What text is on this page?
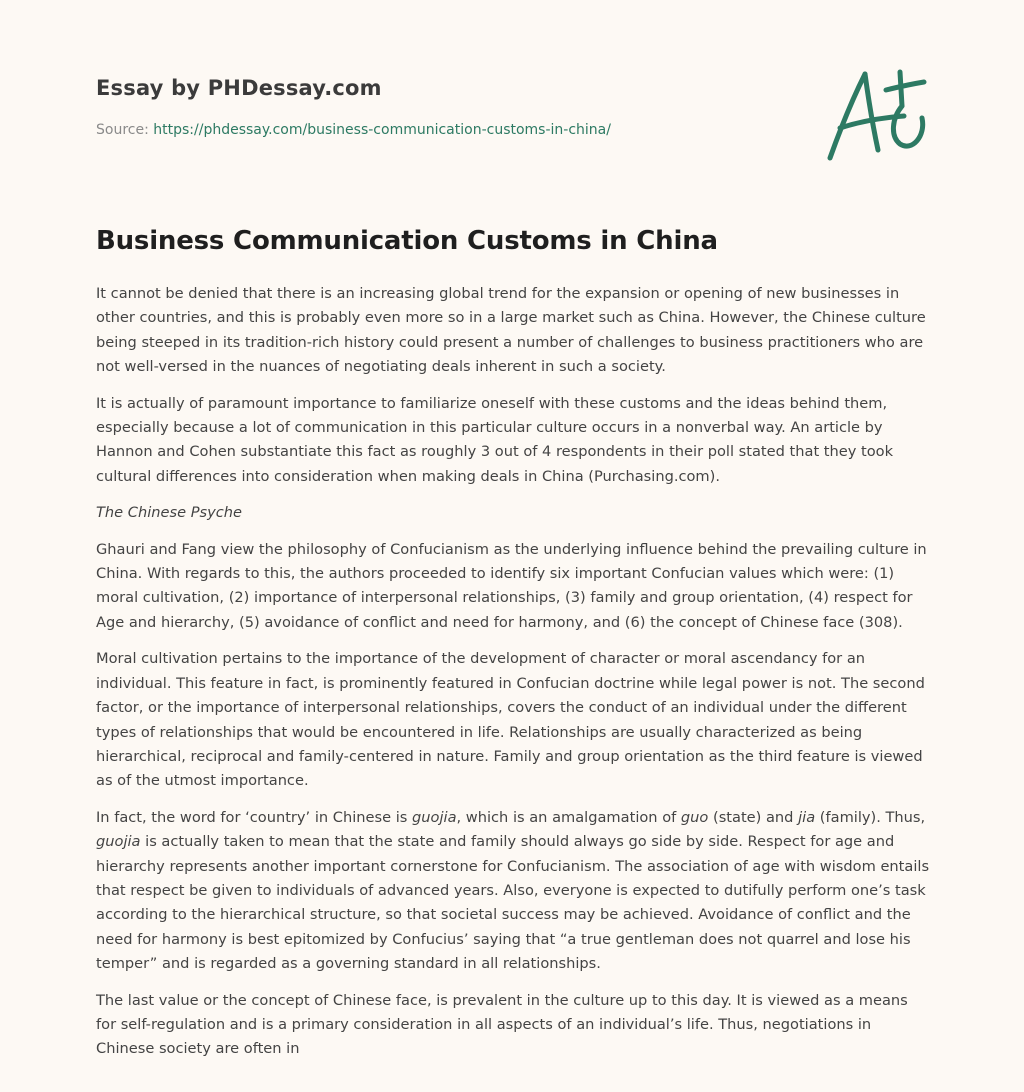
Essay by PHDessay.com
Source: https://phdessay.com/business-communication-customs-in-china/
Business Communication Customs in China

It cannot be denied that there is an increasing global trend for the expansion or opening of new businesses in other countries, and this is probably even more so in a large market such as China. However, the Chinese culture being steeped in its tradition-rich history could present a number of challenges to business practitioners who are not well-versed in the nuances of negotiating deals inherent in such a society.

It is actually of paramount importance to familiarize oneself with these customs and the ideas behind them, especially because a lot of communication in this particular culture occurs in a nonverbal way. An article by Hannon and Cohen substantiate this fact as roughly 3 out of 4 respondents in their poll stated that they took cultural differences into consideration when making deals in China (Purchasing.com).

The Chinese Psyche

Ghauri and Fang view the philosophy of Confucianism as the underlying influence behind the prevailing culture in China. With regards to this, the authors proceeded to identify six important Confucian values which were: (1) moral cultivation, (2) importance of interpersonal relationships, (3) family and group orientation, (4) respect for Age and hierarchy, (5) avoidance of conflict and need for harmony, and (6) the concept of Chinese face (308).

Moral cultivation pertains to the importance of the development of character or moral ascendancy for an individual. This feature in fact, is prominently featured in Confucian doctrine while legal power is not. The second factor, or the importance of interpersonal relationships, covers the conduct of an individual under the different types of relationships that would be encountered in life. Relationships are usually characterized as being hierarchical, reciprocal and family-centered in nature. Family and group orientation as the third feature is viewed as of the utmost importance.

In fact, the word for ‘country’ in Chinese is guojia, which is an amalgamation of guo (state) and jia (family). Thus, guojia is actually taken to mean that the state and family should always go side by side. Respect for age and hierarchy represents another important cornerstone for Confucianism. The association of age with wisdom entails that respect be given to individuals of advanced years. Also, everyone is expected to dutifully perform one’s task according to the hierarchical structure, so that societal success may be achieved. Avoidance of conflict and the need for harmony is best epitomized by Confucius’ saying that “a true gentleman does not quarrel and lose his temper” and is regarded as a governing standard in all relationships.

The last value or the concept of Chinese face, is prevalent in the culture up to this day. It is viewed as a means for self-regulation and is a primary consideration in all aspects of an individual’s life. Thus, negotiations in Chinese society are often in
